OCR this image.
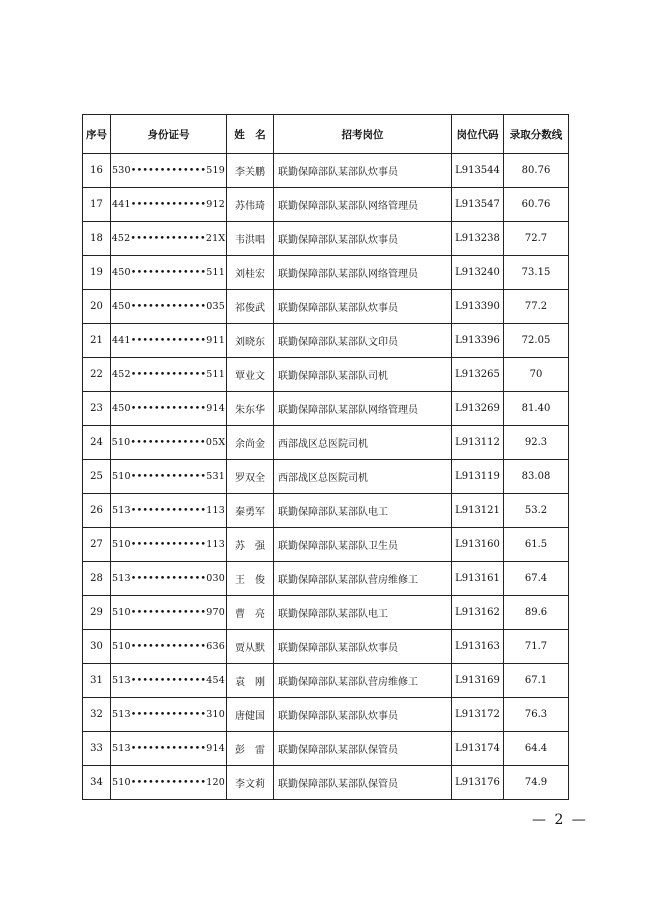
序号	身份证号	姓　名	招考岗位	岗位代码	录取分数线
16	530•••••••••••••519	李关鹏	联勤保障部队某部队炊事员	L913544	80.76
17	441•••••••••••••912	苏伟琦	联勤保障部队某部队网络管理员	L913547	60.76
18	452•••••••••••••21X	韦洪唱	联勤保障部队某部队炊事员	L913238	72.7
19	450•••••••••••••511	刘桂宏	联勤保障部队某部队网络管理员	L913240	73.15
20	450•••••••••••••035	祁俊武	联勤保障部队某部队炊事员	L913390	77.2
21	441•••••••••••••911	刘晓东	联勤保障部队某部队文印员	L913396	72.05
22	452•••••••••••••511	覃业文	联勤保障部队某部队司机	L913265	70
23	450•••••••••••••914	朱东华	联勤保障部队某部队网络管理员	L913269	81.40
24	510•••••••••••••05X	余尚金	西部战区总医院司机	L913112	92.3
25	510•••••••••••••531	罗双全	西部战区总医院司机	L913119	83.08
26	513•••••••••••••113	秦勇军	联勤保障部队某部队电工	L913121	53.2
27	510•••••••••••••113	苏　强	联勤保障部队某部队卫生员	L913160	61.5
28	513•••••••••••••030	王　俊	联勤保障部队某部队营房维修工	L913161	67.4
29	510•••••••••••••970	曹　亮	联勤保障部队某部队电工	L913162	89.6
30	510•••••••••••••636	贾从默	联勤保障部队某部队炊事员	L913163	71.7
31	513•••••••••••••454	袁　刚	联勤保障部队某部队营房维修工	L913169	67.1
32	513•••••••••••••310	唐健国	联勤保障部队某部队炊事员	L913172	76.3
33	513•••••••••••••914	彭　雷	联勤保障部队某部队保管员	L913174	64.4
34	510•••••••••••••120	李文莉	联勤保障部队某部队保管员	L913176	74.9
— 2 —
